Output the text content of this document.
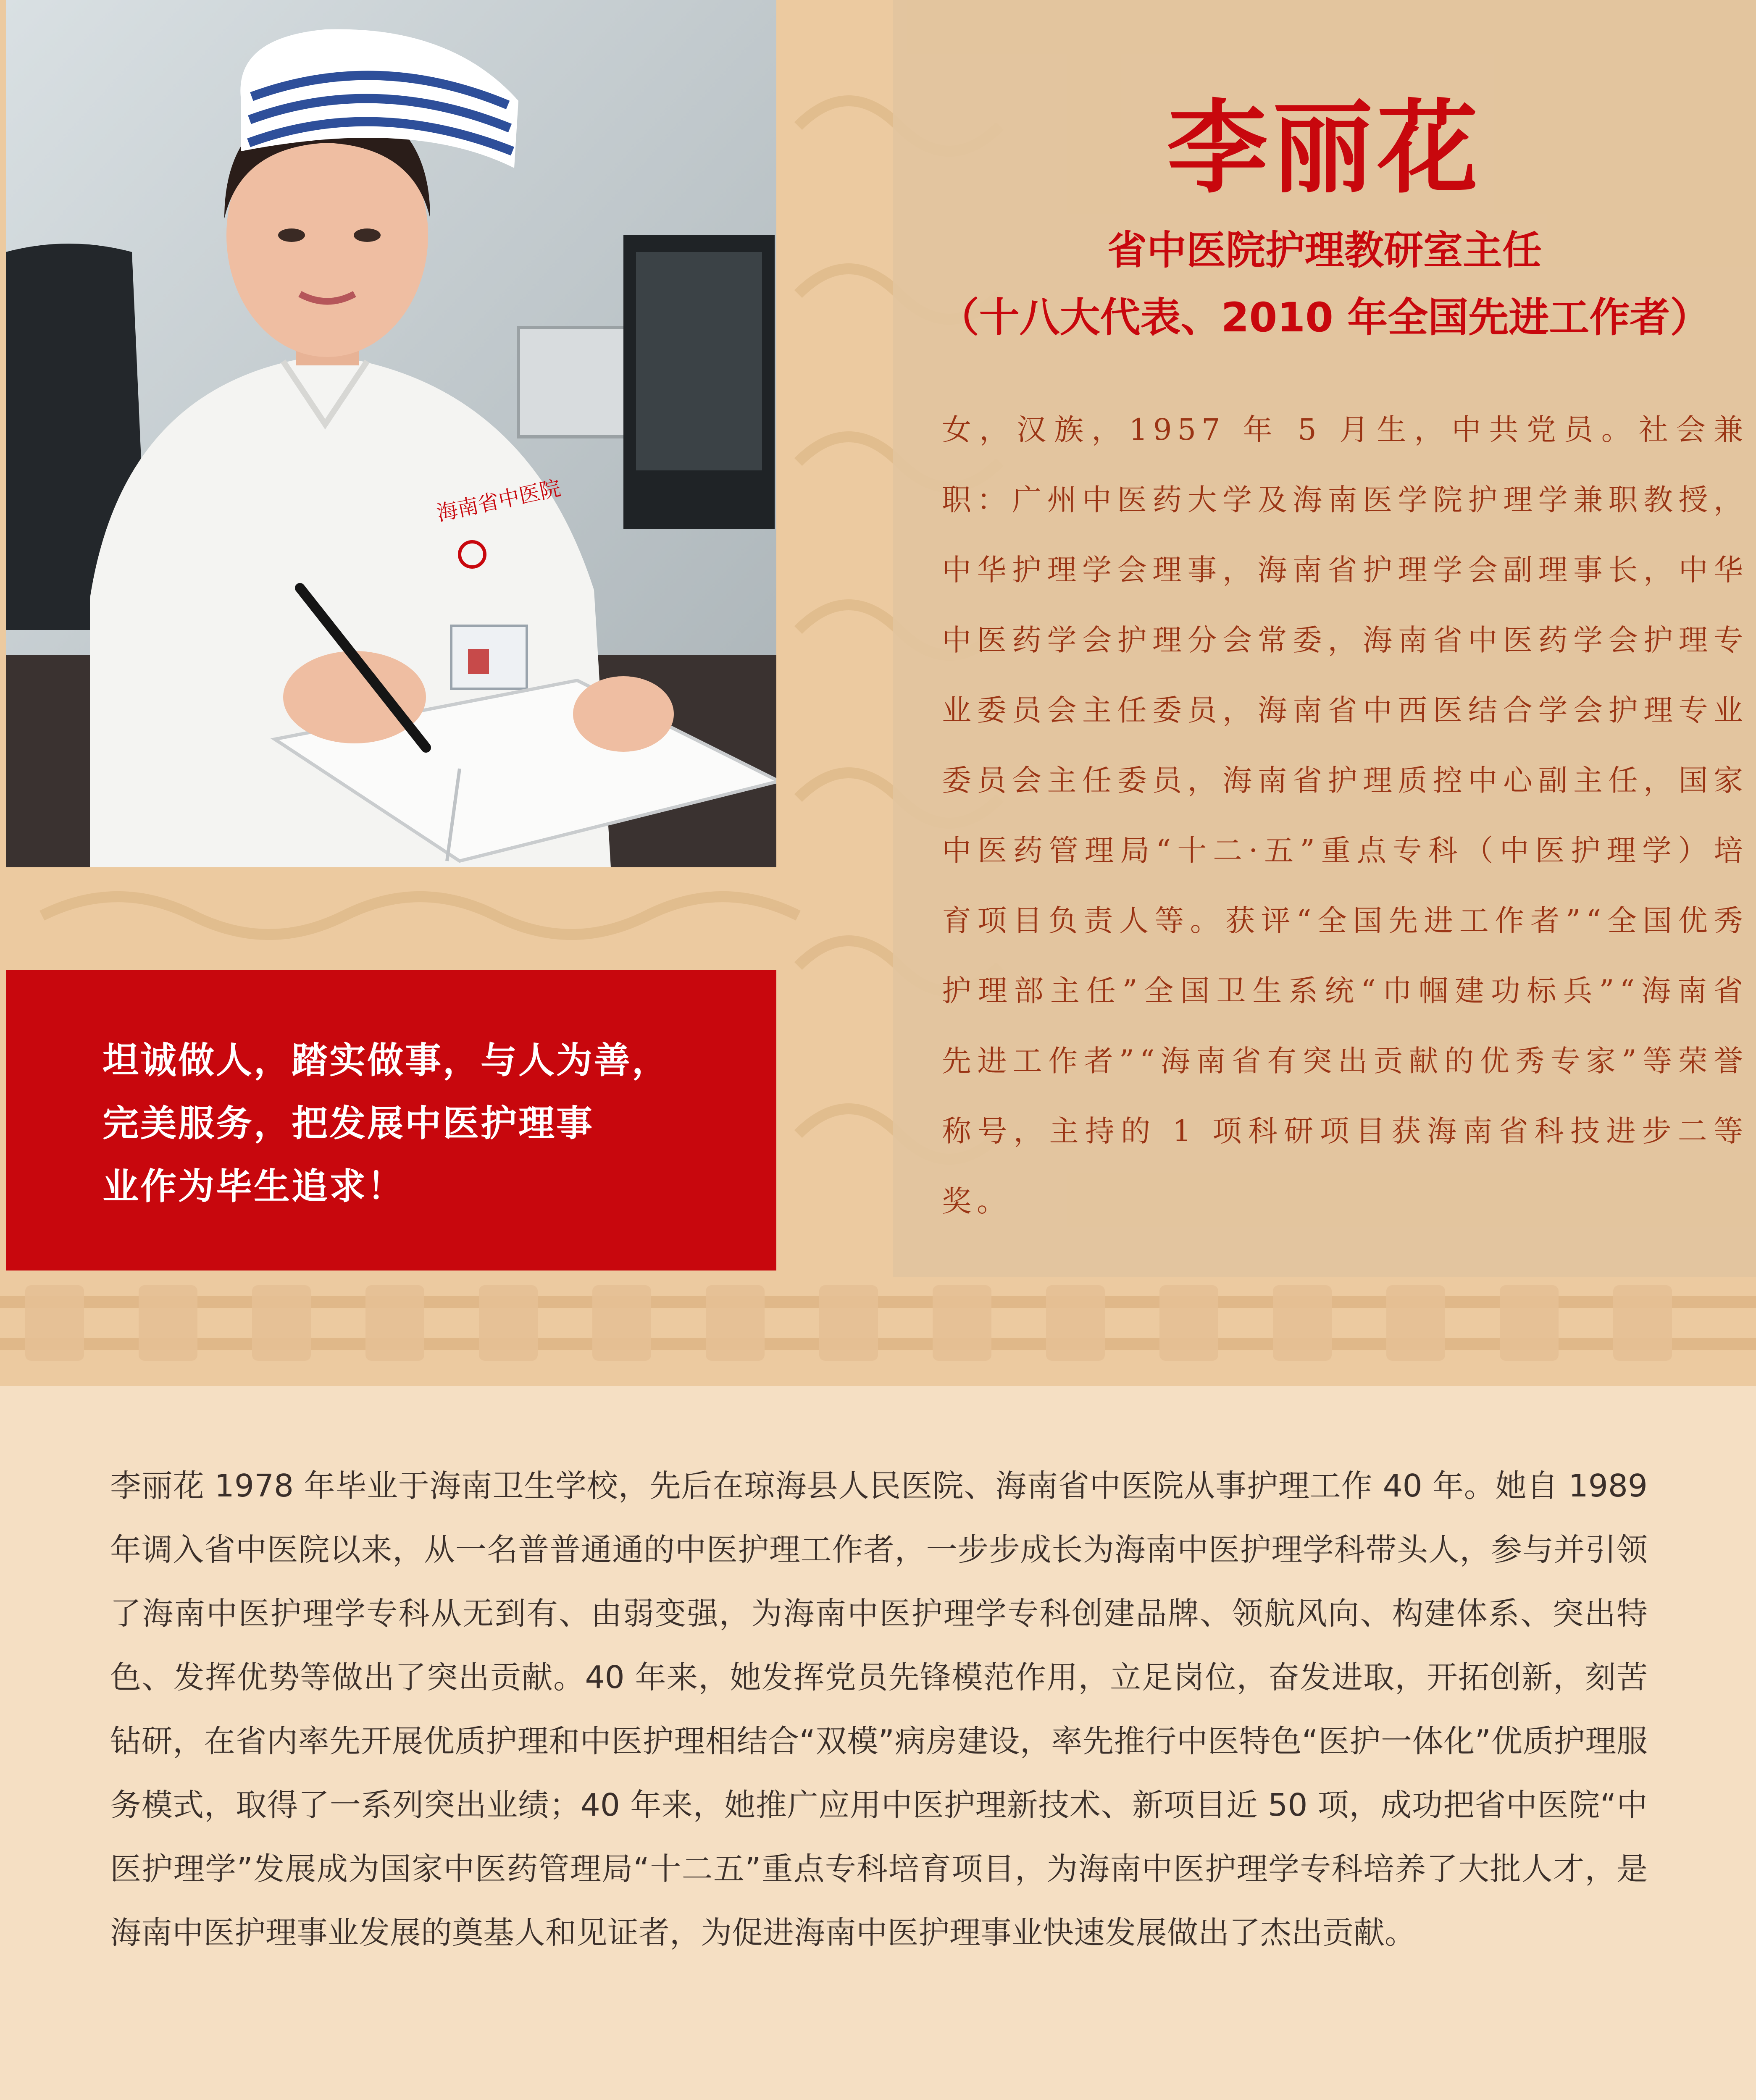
海南省中医院

坦诚做人，踏实做事，与人为善，

完美服务，把发展中医护理事

业作为毕生追求！

李丽花

省中医院护理教研室主任

（十八大代表、2010 年全国先进工作者）

女，汉族，1957 年 5 月生，中共党员。社会兼职：广州中医药大学及海南医学院护理学兼职教授，中华护理学会理事，海南省护理学会副理事长，中华中医药学会护理分会常委，海南省中医药学会护理专业委员会主任委员，海南省中西医结合学会护理专业委员会主任委员，海南省护理质控中心副主任，国家中医药管理局“十二·五”重点专科（中医护理学）培育项目负责人等。获评“全国先进工作者”“全国优秀护理部主任”全国卫生系统“巾帼建功标兵”“海南省先进工作者”“海南省有突出贡献的优秀专家”等荣誉称号，主持的 1 项科研项目获海南省科技进步二等奖。

李丽花 1978 年毕业于海南卫生学校，先后在琼海县人民医院、海南省中医院从事护理工作 40 年。她自 1989 年调入省中医院以来，从一名普普通通的中医护理工作者，一步步成长为海南中医护理学科带头人，参与并引领了海南中医护理学专科从无到有、由弱变强，为海南中医护理学专科创建品牌、领航风向、构建体系、突出特色、发挥优势等做出了突出贡献。40 年来，她发挥党员先锋模范作用，立足岗位，奋发进取，开拓创新，刻苦钻研，在省内率先开展优质护理和中医护理相结合“双模”病房建设，率先推行中医特色“医护一体化”优质护理服务模式，取得了一系列突出业绩；40 年来，她推广应用中医护理新技术、新项目近 50 项，成功把省中医院“中医护理学”发展成为国家中医药管理局“十二五”重点专科培育项目，为海南中医护理学专科培养了大批人才，是海南中医护理事业发展的奠基人和见证者，为促进海南中医护理事业快速发展做出了杰出贡献。
